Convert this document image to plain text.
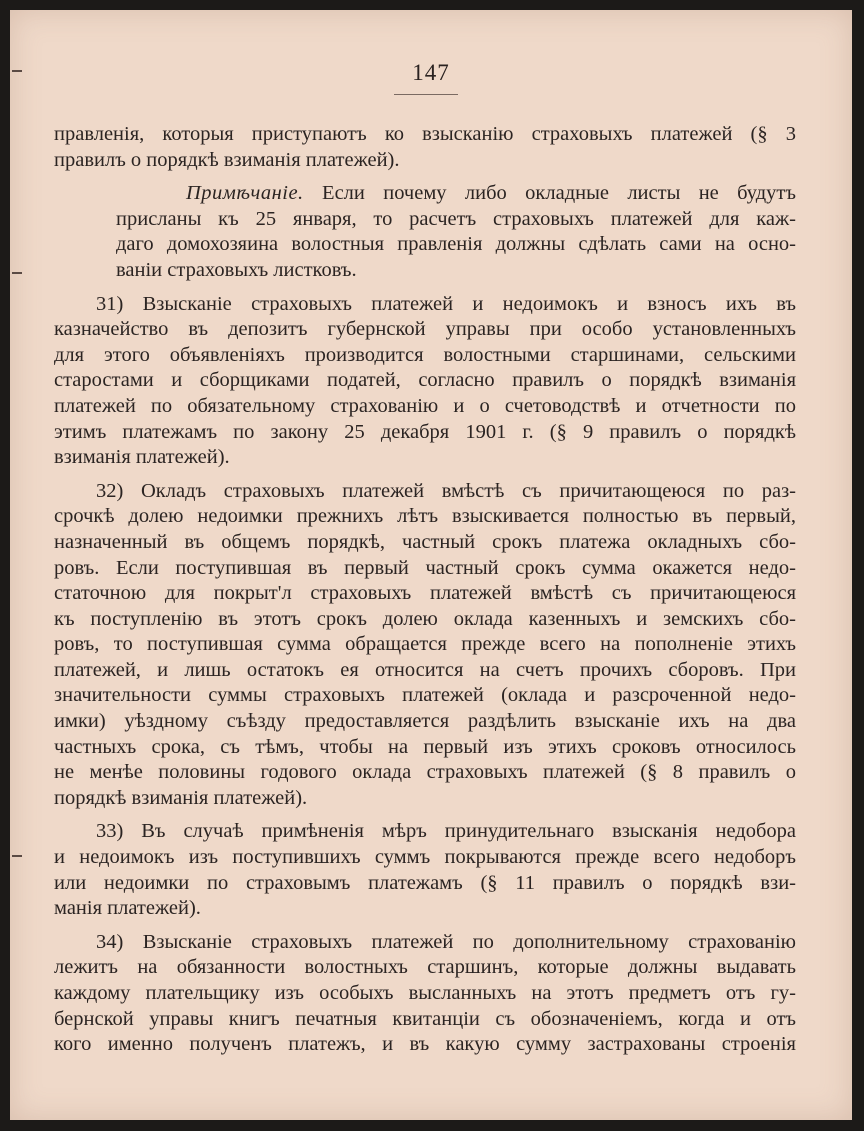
147

правленія, которыя приступаютъ ко взысканію страховыхъ платежей (§ 3

правилъ о порядкѣ взиманія платежей).

Примѣчаніе. Если почему либо окладные листы не будутъ

присланы къ 25 января, то расчетъ страховыхъ платежей для каж-

даго домохозяина волостныя правленія должны сдѣлать сами на осно-

ваніи страховыхъ листковъ.

31) Взысканіе страховыхъ платежей и недоимокъ и взносъ ихъ въ

казначейство въ депозитъ губернской управы при особо установленныхъ

для этого объявленіяхъ производится волостными старшинами, сельскими

старостами и сборщиками податей, согласно правилъ о порядкѣ взиманія

платежей по обязательному страхованію и о счетоводствѣ и отчетности по

этимъ платежамъ по закону 25 декабря 1901 г. (§ 9 правилъ о порядкѣ

взиманія платежей).

32) Окладъ страховыхъ платежей вмѣстѣ съ причитающеюся по раз-

срочкѣ долею недоимки прежнихъ лѣтъ взыскивается полностью въ первый,

назначенный въ общемъ порядкѣ, частный срокъ платежа окладныхъ сбо-

ровъ. Если поступившая въ первый частный срокъ сумма окажется недо-

статочною для покрыт'л страховыхъ платежей вмѣстѣ съ причитающеюся

къ поступленію въ этотъ срокъ долею оклада казенныхъ и земскихъ сбо-

ровъ, то поступившая сумма обращается прежде всего на пополненіе этихъ

платежей, и лишь остатокъ ея относится на счетъ прочихъ сборовъ. При

значительности суммы страховыхъ платежей (оклада и разсроченной недо-

имки) уѣздному съѣзду предоставляется раздѣлить взысканіе ихъ на два

частныхъ срока, съ тѣмъ, чтобы на первый изъ этихъ сроковъ относилось

не менѣе половины годового оклада страховыхъ платежей (§ 8 правилъ о

порядкѣ взиманія платежей).

33) Въ случаѣ примѣненія мѣръ принудительнаго взысканія недобора

и недоимокъ изъ поступившихъ суммъ покрываются прежде всего недоборъ

или недоимки по страховымъ платежамъ (§ 11 правилъ о порядкѣ взи-

манія платежей).

34) Взысканіе страховыхъ платежей по дополнительному страхованію

лежитъ на обязанности волостныхъ старшинъ, которые должны выдавать

каждому плательщику изъ особыхъ высланныхъ на этотъ предметъ отъ гу-

бернской управы книгъ печатныя квитанціи съ обозначеніемъ, когда и отъ

кого именно полученъ платежъ, и въ какую сумму застрахованы строенія
